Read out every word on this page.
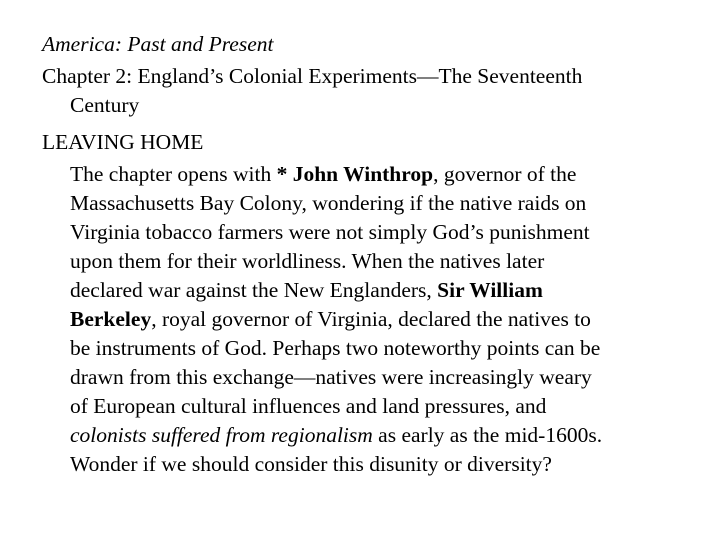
America: Past and Present

Chapter 2: England’s Colonial Experiments—The Seventeenth

Century

LEAVING HOME

The chapter opens with * John Winthrop, governor of the
Massachusetts Bay Colony, wondering if the native raids on
Virginia tobacco farmers were not simply God’s punishment
upon them for their worldliness. When the natives later
declared war against the New Englanders, Sir William
Berkeley, royal governor of Virginia, declared the natives to
be instruments of God. Perhaps two noteworthy points can be
drawn from this exchange—natives were increasingly weary
of European cultural influences and land pressures, and
colonists suffered from regionalism as early as the mid-1600s.
Wonder if we should consider this disunity or diversity?
